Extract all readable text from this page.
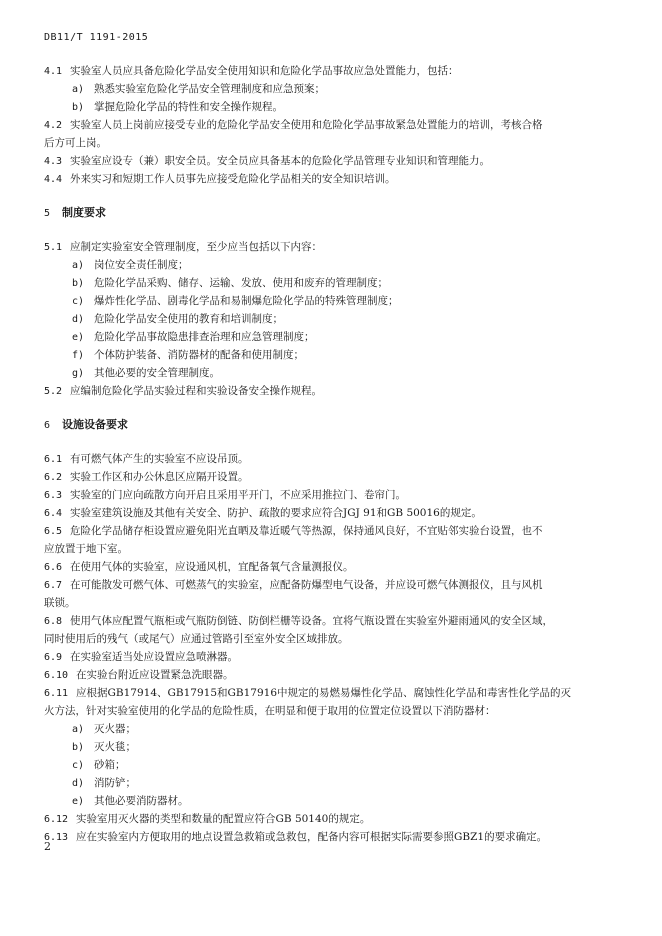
DB11/T 1191-2015
4.1 实验室人员应具备危险化学品安全使用知识和危险化学品事故应急处置能力，包括：
a) 熟悉实验室危险化学品安全管理制度和应急预案；
b) 掌握危险化学品的特性和安全操作规程。
4.2 实验室人员上岗前应接受专业的危险化学品安全使用和危险化学品事故紧急处置能力的培训，考核合格
后方可上岗。
4.3 实验室应设专（兼）职安全员。安全员应具备基本的危险化学品管理专业知识和管理能力。
4.4 外来实习和短期工作人员事先应接受危险化学品相关的安全知识培训。
5 制度要求
5.1 应制定实验室安全管理制度，至少应当包括以下内容：
a) 岗位安全责任制度；
b) 危险化学品采购、储存、运输、发放、使用和废弃的管理制度；
c) 爆炸性化学品、剧毒化学品和易制爆危险化学品的特殊管理制度；
d) 危险化学品安全使用的教育和培训制度；
e) 危险化学品事故隐患排查治理和应急管理制度；
f) 个体防护装备、消防器材的配备和使用制度；
g) 其他必要的安全管理制度。
5.2 应编制危险化学品实验过程和实验设备安全操作规程。
6 设施设备要求
6.1 有可燃气体产生的实验室不应设吊顶。
6.2 实验工作区和办公休息区应隔开设置。
6.3 实验室的门应向疏散方向开启且采用平开门，不应采用推拉门、卷帘门。
6.4 实验室建筑设施及其他有关安全、防护、疏散的要求应符合JGJ 91和GB 50016的规定。
6.5 危险化学品储存柜设置应避免阳光直晒及靠近暖气等热源，保持通风良好，不宜贴邻实验台设置，也不
应放置于地下室。
6.6 在使用气体的实验室，应设通风机，宜配备氧气含量测报仪。
6.7 在可能散发可燃气体、可燃蒸气的实验室，应配备防爆型电气设备，并应设可燃气体测报仪，且与风机
联锁。
6.8 使用气体应配置气瓶柜或气瓶防倒链、防倒栏栅等设备。宜将气瓶设置在实验室外避雨通风的安全区域，
同时使用后的残气（或尾气）应通过管路引至室外安全区域排放。
6.9 在实验室适当处应设置应急喷淋器。
6.10 在实验台附近应设置紧急洗眼器。
6.11 应根据GB17914、GB17915和GB17916中规定的易燃易爆性化学品、腐蚀性化学品和毒害性化学品的灭
火方法，针对实验室使用的化学品的危险性质，在明显和便于取用的位置定位设置以下消防器材：
a) 灭火器；
b) 灭火毯；
c) 砂箱；
d) 消防铲；
e) 其他必要消防器材。
6.12 实验室用灭火器的类型和数量的配置应符合GB 50140的规定。
6.13 应在实验室内方便取用的地点设置急救箱或急救包，配备内容可根据实际需要参照GBZ1的要求确定。
2
